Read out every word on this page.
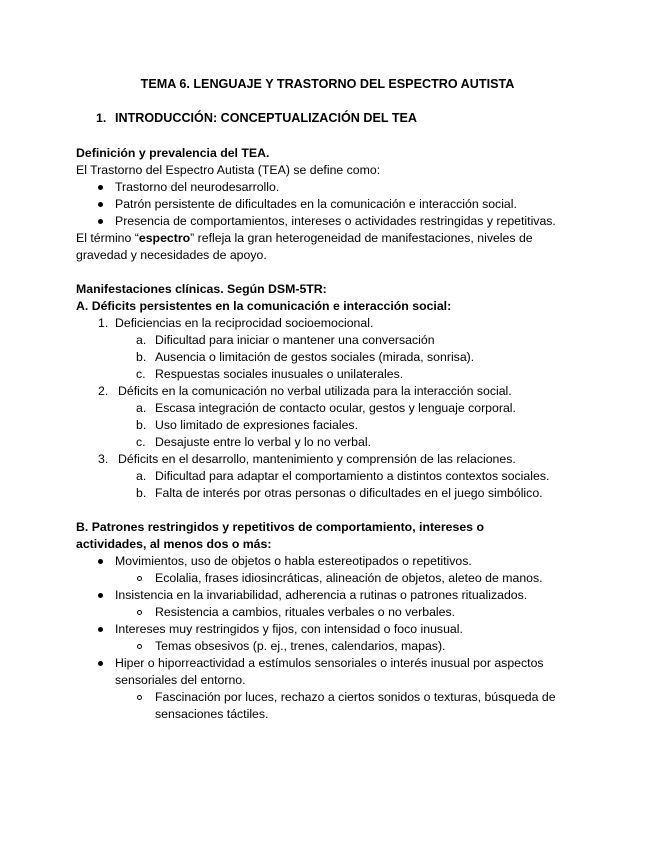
TEMA 6. LENGUAJE Y TRASTORNO DEL ESPECTRO AUTISTA
1. INTRODUCCIÓN: CONCEPTUALIZACIÓN DEL TEA
Definición y prevalencia del TEA.
El Trastorno del Espectro Autista (TEA) se define como:
Trastorno del neurodesarrollo.
Patrón persistente de dificultades en la comunicación e interacción social.
Presencia de comportamientos, intereses o actividades restringidas y repetitivas.
El término “espectro” refleja la gran heterogeneidad de manifestaciones, niveles de
gravedad y necesidades de apoyo.
Manifestaciones clínicas. Según DSM-5TR:
A. Déficits persistentes en la comunicación e interacción social:
1. Deficiencias en la reciprocidad socioemocional.
a. Dificultad para iniciar o mantener una conversación
b. Ausencia o limitación de gestos sociales (mirada, sonrisa).
c. Respuestas sociales inusuales o unilaterales.
2. Déficits en la comunicación no verbal utilizada para la interacción social.
a. Escasa integración de contacto ocular, gestos y lenguaje corporal.
b. Uso limitado de expresiones faciales.
c. Desajuste entre lo verbal y lo no verbal.
3. Déficits en el desarrollo, mantenimiento y comprensión de las relaciones.
a. Dificultad para adaptar el comportamiento a distintos contextos sociales.
b. Falta de interés por otras personas o dificultades en el juego simbólico.
B. Patrones restringidos y repetitivos de comportamiento, intereses o
actividades, al menos dos o más:
Movimientos, uso de objetos o habla estereotipados o repetitivos.
Ecolalia, frases idiosincráticas, alineación de objetos, aleteo de manos.
Insistencia en la invariabilidad, adherencia a rutinas o patrones ritualizados.
Resistencia a cambios, rituales verbales o no verbales.
Intereses muy restringidos y fijos, con intensidad o foco inusual.
Temas obsesivos (p. ej., trenes, calendarios, mapas).
Hiper o hiporreactividad a estímulos sensoriales o interés inusual por aspectos
sensoriales del entorno.
Fascinación por luces, rechazo a ciertos sonidos o texturas, búsqueda de
sensaciones táctiles.
